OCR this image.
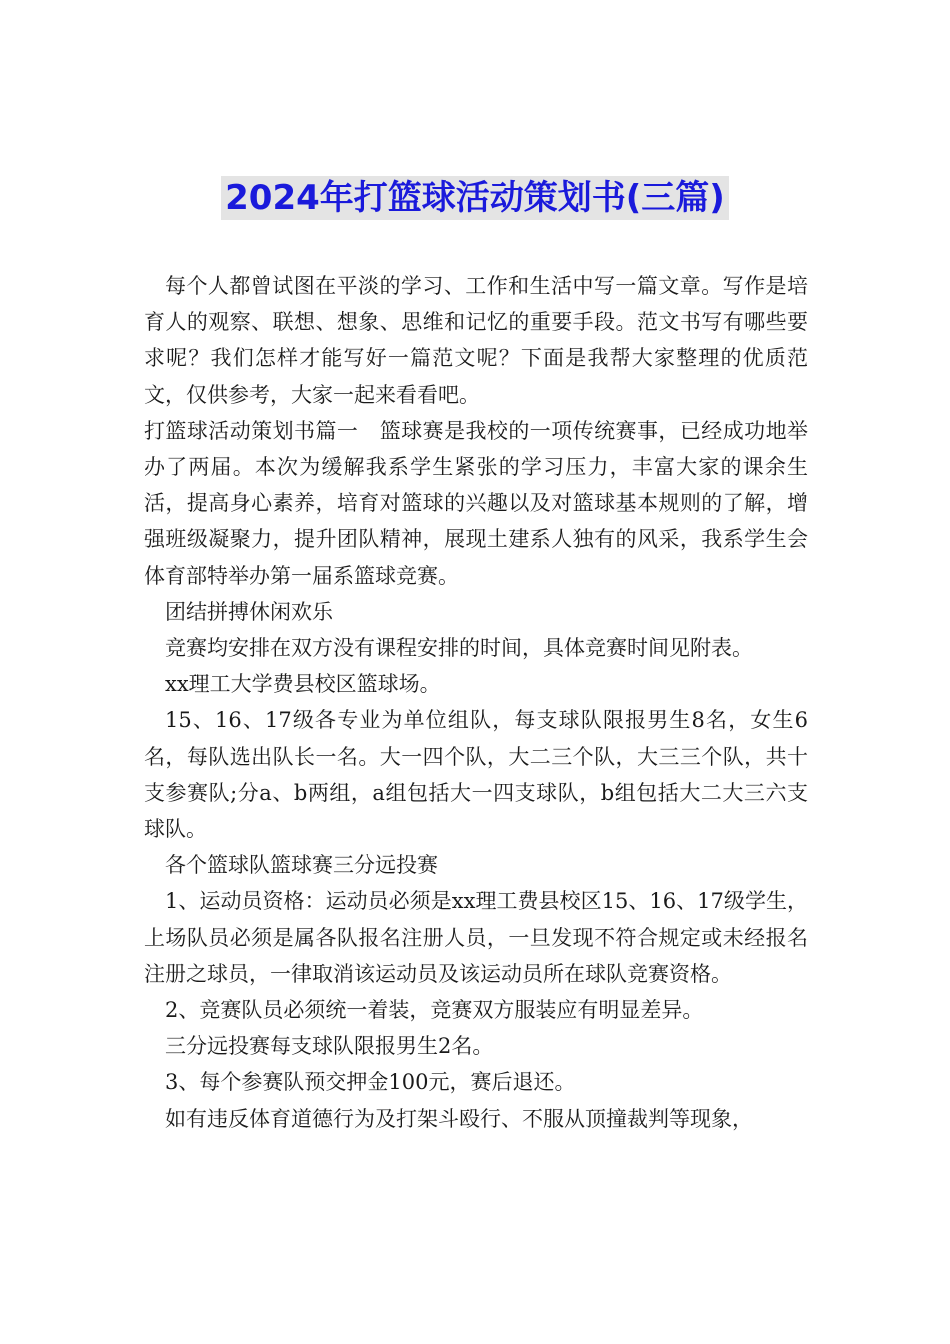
2024年打篮球活动策划书(三篇)

每个人都曾试图在平淡的学习、工作和生活中写一篇文章。写作是培育人的观察、联想、想象、思维和记忆的重要手段。范文书写有哪些要求呢？我们怎样才能写好一篇范文呢？下面是我帮大家整理的优质范文，仅供参考，大家一起来看看吧。

打篮球活动策划书篇一　篮球赛是我校的一项传统赛事，已经成功地举办了两届。本次为缓解我系学生紧张的学习压力，丰富大家的课余生活，提高身心素养，培育对篮球的兴趣以及对篮球基本规则的了解，增强班级凝聚力，提升团队精神，展现土建系人独有的风采，我系学生会体育部特举办第一届系篮球竞赛。

团结拼搏休闲欢乐

竞赛均安排在双方没有课程安排的时间，具体竞赛时间见附表。

xx理工大学费县校区篮球场。

15、16、17级各专业为单位组队，每支球队限报男生8名，女生6名，每队选出队长一名。大一四个队，大二三个队，大三三个队，共十支参赛队;分a、b两组，a组包括大一四支球队，b组包括大二大三六支球队。

各个篮球队篮球赛三分远投赛

1、运动员资格：运动员必须是xx理工费县校区15、16、17级学生，上场队员必须是属各队报名注册人员，一旦发现不符合规定或未经报名注册之球员，一律取消该运动员及该运动员所在球队竞赛资格。

2、竞赛队员必须统一着装，竞赛双方服装应有明显差异。

三分远投赛每支球队限报男生2名。

3、每个参赛队预交押金100元，赛后退还。

如有违反体育道德行为及打架斗殴行、不服从顶撞裁判等现象，
